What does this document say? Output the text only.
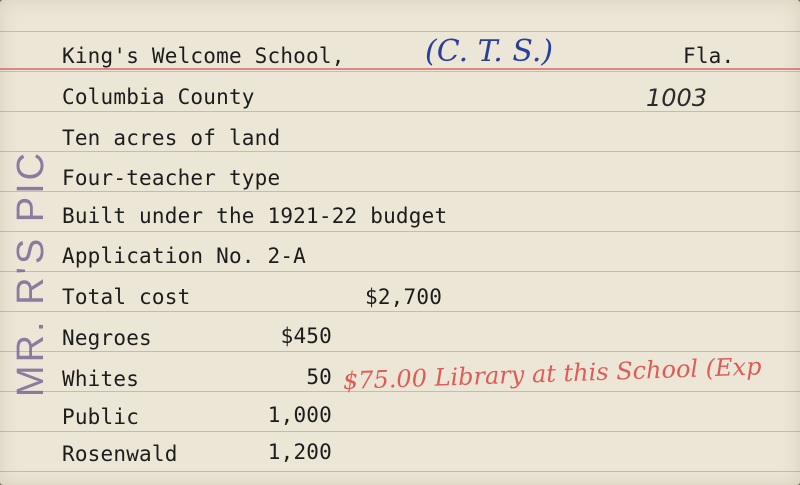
King's Welcome School,	(C. T. S.)	Fla.
Columbia County	1003
Ten acres of land
Four-teacher type
Built under the 1921-22 budget
Application No. 2-A
Total cost	$2,700
Negroes	$450
Whites	50
Public	1,000
Rosenwald	1,200
MR. R'S PIC	$75.00 Library at this School (Exp
